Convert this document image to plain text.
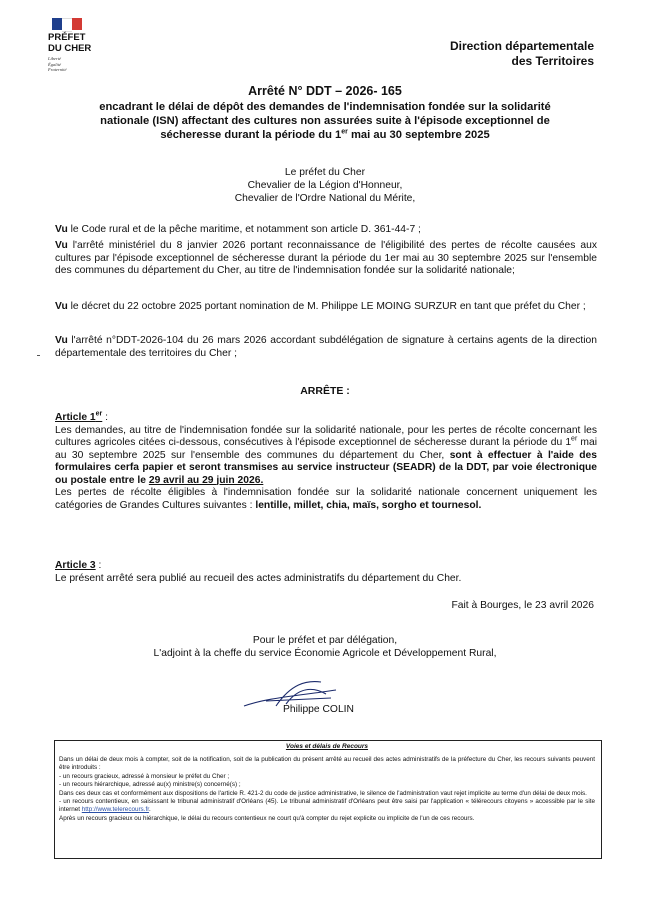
PRÉFET
DU CHER
Liberté
Égalité
Fraternité
Direction départementale
des Territoires
Arrêté N° DDT – 2026- 165
encadrant le délai de dépôt des demandes de l'indemnisation fondée sur la solidarité
nationale (ISN) affectant des cultures non assurées suite à l'épisode exceptionnel de
sécheresse durant la période du 1er mai au 30 septembre 2025
Le préfet du Cher
Chevalier de la Légion d'Honneur,
Chevalier de l'Ordre National du Mérite,
Vu le Code rural et de la pêche maritime, et notamment son article D. 361-44-7 ;
Vu l'arrêté ministériel du 8 janvier 2026 portant reconnaissance de l'éligibilité des pertes de récolte causées aux cultures par l'épisode exceptionnel de sécheresse durant la période du 1er mai au 30 septembre 2025 sur l'ensemble des communes du département du Cher, au titre de l'indemnisation fondée sur la solidarité nationale;
Vu le décret du 22 octobre 2025 portant nomination de M. Philippe LE MOING SURZUR en tant que préfet du Cher ;
Vu l'arrêté n°DDT-2026-104 du 26 mars 2026 accordant subdélégation de signature à certains agents de la direction départementale des territoires du Cher ;
ARRÊTE :
Article 1er :
Les demandes, au titre de l'indemnisation fondée sur la solidarité nationale, pour les pertes de récolte concernant les cultures agricoles citées ci-dessous, consécutives à l'épisode exceptionnel de sécheresse durant la période du 1er mai au 30 septembre 2025 sur l'ensemble des communes du département du Cher, sont à effectuer à l'aide des formulaires cerfa papier et seront transmises au service instructeur (SEADR) de la DDT, par voie électronique ou postale entre le 29 avril au 29 juin 2026.
Les pertes de récolte éligibles à l'indemnisation fondée sur la solidarité nationale concernent uniquement les catégories de Grandes Cultures suivantes : lentille, millet, chia, maïs, sorgho et tournesol.
Article 3 :
Le présent arrêté sera publié au recueil des actes administratifs du département du Cher.
Fait à Bourges, le 23 avril 2026
Pour le préfet et par délégation,
L'adjoint à la cheffe du service Économie Agricole et Développement Rural,
Philippe COLIN
Voies et délais de Recours
Dans un délai de deux mois à compter, soit de la notification, soit de la publication du présent arrêté au recueil des actes administratifs de la préfecture du Cher, les recours suivants peuvent être introduits :
- un recours gracieux, adressé à monsieur le préfet du Cher ;
- un recours hiérarchique, adressé au(x) ministre(s) concerné(s) ;
Dans ces deux cas et conformément aux dispositions de l'article R. 421-2 du code de justice administrative, le silence de l'administration vaut rejet implicite au terme d'un délai de deux mois.
- un recours contentieux, en saisissant le tribunal administratif d'Orléans (45). Le tribunal administratif d'Orléans peut être saisi par l'application « télérecours citoyens » accessible par le site internet http://www.telerecours.fr.
Après un recours gracieux ou hiérarchique, le délai du recours contentieux ne court qu'à compter du rejet explicite ou implicite de l'un de ces recours.
